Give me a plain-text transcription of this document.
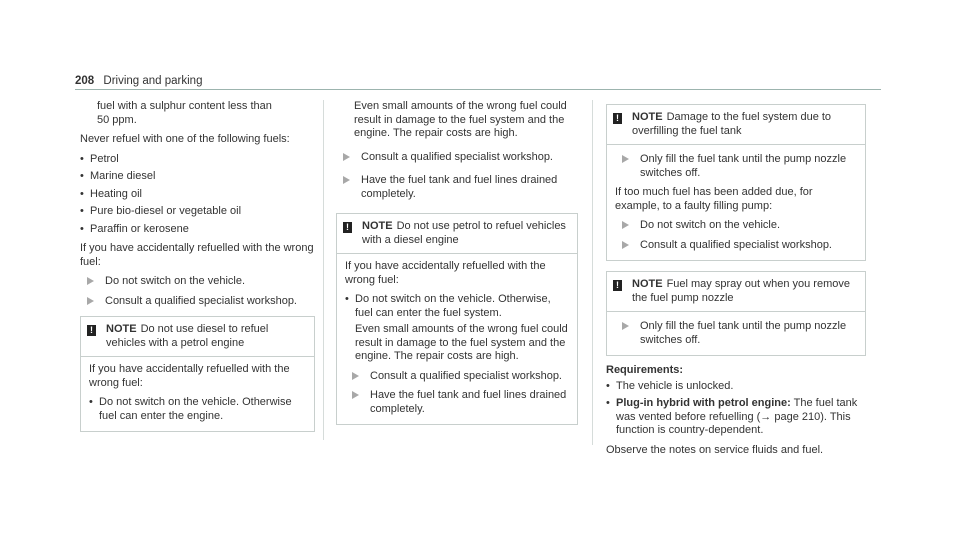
208 Driving and parking
fuel with a sulphur content less than
50 ppm.

Never refuel with one of the following fuels:

• Petrol
• Marine diesel
• Heating oil
• Pure bio-diesel or vegetable oil
• Paraffin or kerosene

If you have accidentally refuelled with the wrong fuel:

Do not switch on the vehicle.
Consult a qualified specialist workshop.
! NOTE Do not use diesel to refuel vehicles with a petrol engine

If you have accidentally refuelled with the wrong fuel:

• Do not switch on the vehicle. Otherwise fuel can enter the engine.

Even small amounts of the wrong fuel could result in damage to the fuel system and the engine. The repair costs are high.

Consult a qualified specialist workshop.
Have the fuel tank and fuel lines drained completely.
! NOTE Do not use petrol to refuel vehicles with a diesel engine

If you have accidentally refuelled with the wrong fuel:

• Do not switch on the vehicle. Otherwise, fuel can enter the fuel system.
Even small amounts of the wrong fuel could result in damage to the fuel system and the engine. The repair costs are high.
Consult a qualified specialist workshop.
Have the fuel tank and fuel lines drained completely.
! NOTE Damage to the fuel system due to overfilling the fuel tank
Only fill the fuel tank until the pump nozzle switches off.

If too much fuel has been added due, for example, to a faulty filling pump:

Do not switch on the vehicle.
Consult a qualified specialist workshop.
! NOTE Fuel may spray out when you remove the fuel pump nozzle
Only fill the fuel tank until the pump nozzle switches off.
Requirements:
• The vehicle is unlocked.
• Plug-in hybrid with petrol engine: The fuel tank was vented before refuelling (→ page 210). This function is country-dependent.

Observe the notes on service fluids and fuel.
